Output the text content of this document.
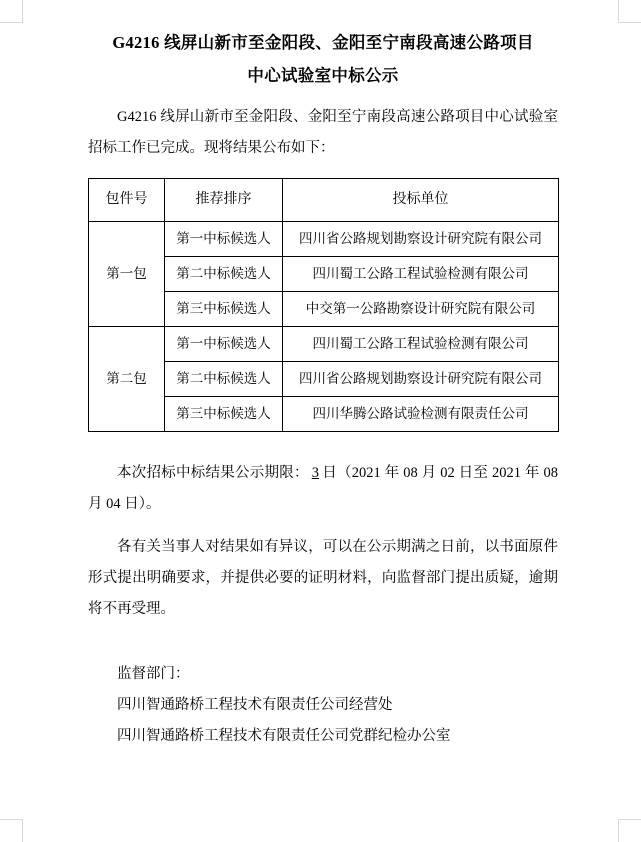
G4216 线屏山新市至金阳段、金阳至宁南段高速公路项目
中心试验室中标公示

G4216 线屏山新市至金阳段、金阳至宁南段高速公路项目中心试验室招标工作已完成。现将结果公布如下：

包件号	推荐排序	投标单位
第一包	第一中标候选人	四川省公路规划勘察设计研究院有限公司
	第二中标候选人	四川蜀工公路工程试验检测有限公司
	第三中标候选人	中交第一公路勘察设计研究院有限公司
第二包	第一中标候选人	四川蜀工公路工程试验检测有限公司
	第二中标候选人	四川省公路规划勘察设计研究院有限公司
	第三中标候选人	四川华腾公路试验检测有限责任公司

本次招标中标结果公示期限： 3 日（2021 年 08 月 02 日至 2021 年 08 月 04 日）。

各有关当事人对结果如有异议，可以在公示期满之日前，以书面原件形式提出明确要求，并提供必要的证明材料，向监督部门提出质疑，逾期将不再受理。

监督部门：
四川智通路桥工程技术有限责任公司经营处
四川智通路桥工程技术有限责任公司党群纪检办公室
